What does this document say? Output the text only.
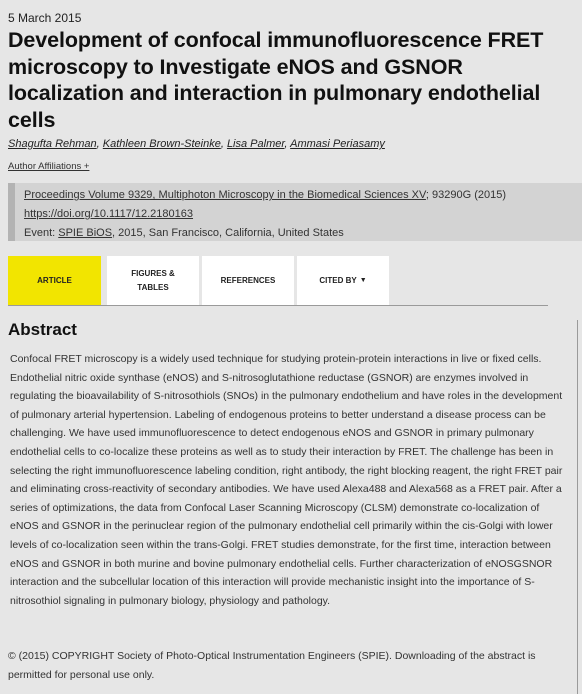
5 March 2015
Development of confocal immunofluorescence FRET microscopy to Investigate eNOS and GSNOR localization and interaction in pulmonary endothelial cells
Shagufta Rehman, Kathleen Brown-Steinke, Lisa Palmer, Ammasi Periasamy
Author Affiliations +
Proceedings Volume 9329, Multiphoton Microscopy in the Biomedical Sciences XV; 93290G (2015)
https://doi.org/10.1117/12.2180163
Event: SPIE BiOS, 2015, San Francisco, California, United States
ARTICLE
FIGURES & TABLES
REFERENCES	CITED BY ▼
Abstract

Confocal FRET microscopy is a widely used technique for studying protein-protein interactions in live or fixed cells. Endothelial nitric oxide synthase (eNOS) and S-nitrosoglutathione reductase (GSNOR) are enzymes involved in regulating the bioavailability of S-nitrosothiols (SNOs) in the pulmonary endothelium and have roles in the development of pulmonary arterial hypertension. Labeling of endogenous proteins to better understand a disease process can be challenging. We have used immunofluorescence to detect endogenous eNOS and GSNOR in primary pulmonary endothelial cells to co-localize these proteins as well as to study their interaction by FRET. The challenge has been in selecting the right immunofluorescence labeling condition, right antibody, the right blocking reagent, the right FRET pair and eliminating cross-reactivity of secondary antibodies. We have used Alexa488 and Alexa568 as a FRET pair. After a series of optimizations, the data from Confocal Laser Scanning Microscopy (CLSM) demonstrate co-localization of eNOS and GSNOR in the perinuclear region of the pulmonary endothelial cell primarily within the cis-Golgi with lower levels of co-localization seen within the trans-Golgi. FRET studies demonstrate, for the first time, interaction between eNOS and GSNOR in both murine and bovine pulmonary endothelial cells. Further characterization of eNOSGSNOR interaction and the subcellular location of this interaction will provide mechanistic insight into the importance of S-nitrosothiol signaling in pulmonary biology, physiology and pathology.

© (2015) COPYRIGHT Society of Photo-Optical Instrumentation Engineers (SPIE). Downloading of the abstract is permitted for personal use only.
